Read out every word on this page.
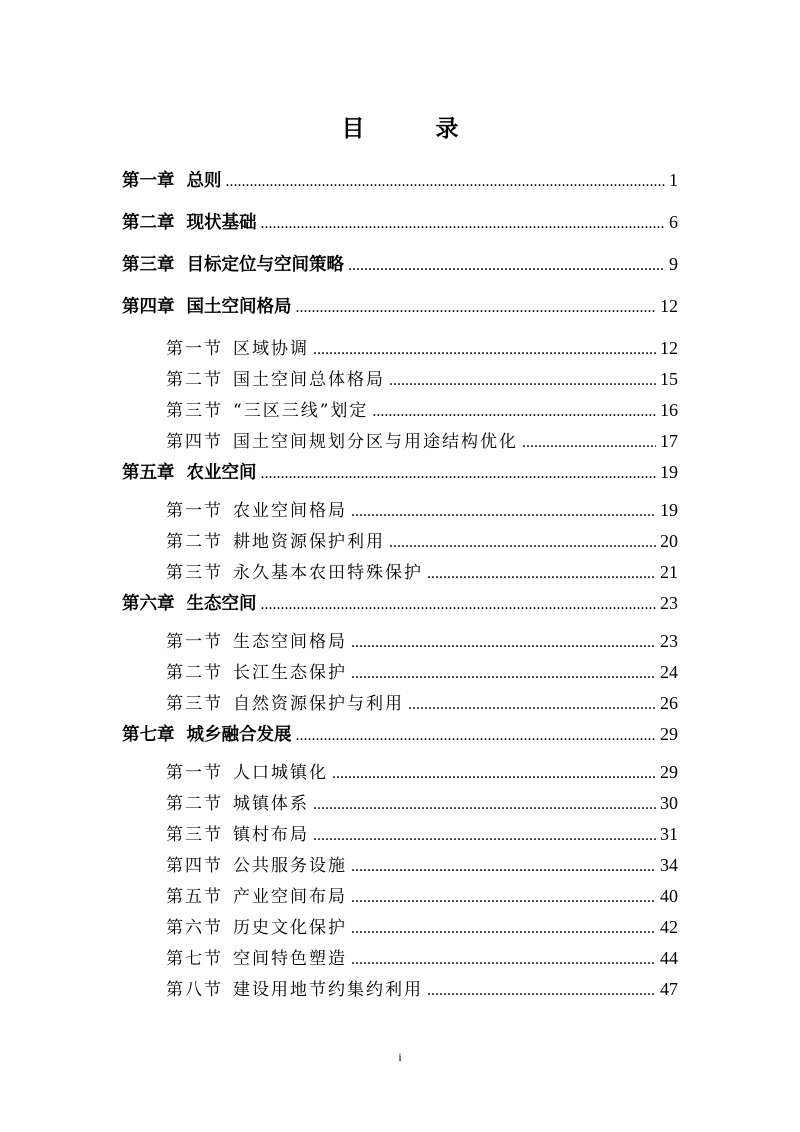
目　录
第一章 总则 .....	1
第二章 现状基础 .....	6
第三章 目标定位与空间策略 .....	9
第四章 国土空间格局 .....	12
第一节 区域协调 .....	12
第二节 国土空间总体格局 .....	15
第三节 “三区三线”划定 .....	16
第四节 国土空间规划分区与用途结构优化 .....	17
第五章 农业空间 .....	19
第一节 农业空间格局 .....	19
第二节 耕地资源保护利用 .....	20
第三节 永久基本农田特殊保护 .....	21
第六章 生态空间 .....	23
第一节 生态空间格局 .....	23
第二节 长江生态保护 .....	24
第三节 自然资源保护与利用 .....	26
第七章 城乡融合发展 .....	29
第一节 人口城镇化 .....	29
第二节 城镇体系 .....	30
第三节 镇村布局 .....	31
第四节 公共服务设施 .....	34
第五节 产业空间布局 .....	40
第六节 历史文化保护 .....	42
第七节 空间特色塑造 .....	44
第八节 建设用地节约集约利用 .....	47
i
